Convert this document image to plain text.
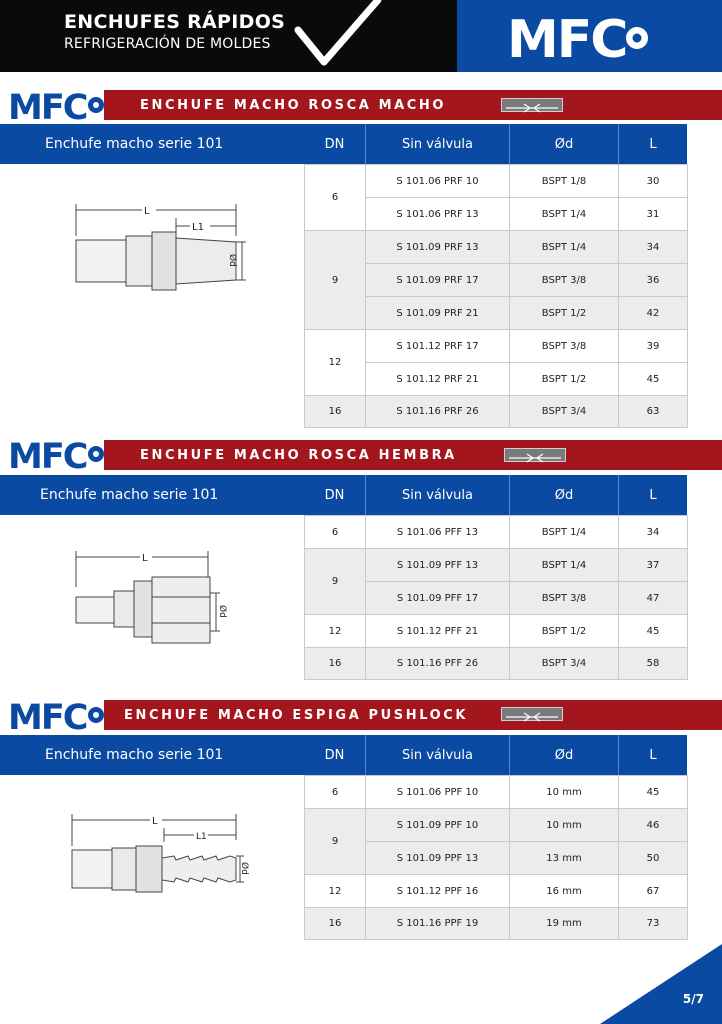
ENCHUFES RÁPIDOS
REFRIGERACIÓN DE MOLDES	MFC
MFC	ENCHUFE MACHO ROSCA MACHO
Enchufe macho serie 101	DN	Sin válvula	Ød	L
6	S 101.06 PRF 10	BSPT 1/8	30
	S 101.06 PRF 13	BSPT 1/4	31
9	S 101.09 PRF 13	BSPT 1/4	34
	S 101.09 PRF 17	BSPT 3/8	36
	S 101.09 PRF 21	BSPT 1/2	42
12	S 101.12 PRF 17	BSPT 3/8	39
	S 101.12 PRF 21	BSPT 1/2	45
16	S 101.16 PRF 26	BSPT 3/4	63
L
L1
Ød
MFC	ENCHUFE MACHO ROSCA HEMBRA
Enchufe macho serie 101	DN	Sin válvula	Ød	L
6	S 101.06 PFF 13	BSPT 1/4	34
9	S 101.09 PFF 13	BSPT 1/4	37
	S 101.09 PFF 17	BSPT 3/8	47
12	S 101.12 PFF 21	BSPT 1/2	45
16	S 101.16 PFF 26	BSPT 3/4	58
L
Ød
MFC	ENCHUFE MACHO ESPIGA PUSHLOCK
Enchufe macho serie 101	DN	Sin válvula	Ød	L
6	S 101.06 PPF 10	10 mm	45
9	S 101.09 PPF 10	10 mm	46
	S 101.09 PPF 13	13 mm	50
12	S 101.12 PPF 16	16 mm	67
16	S 101.16 PPF 19	19 mm	73
L
L1
Ød
5/7
